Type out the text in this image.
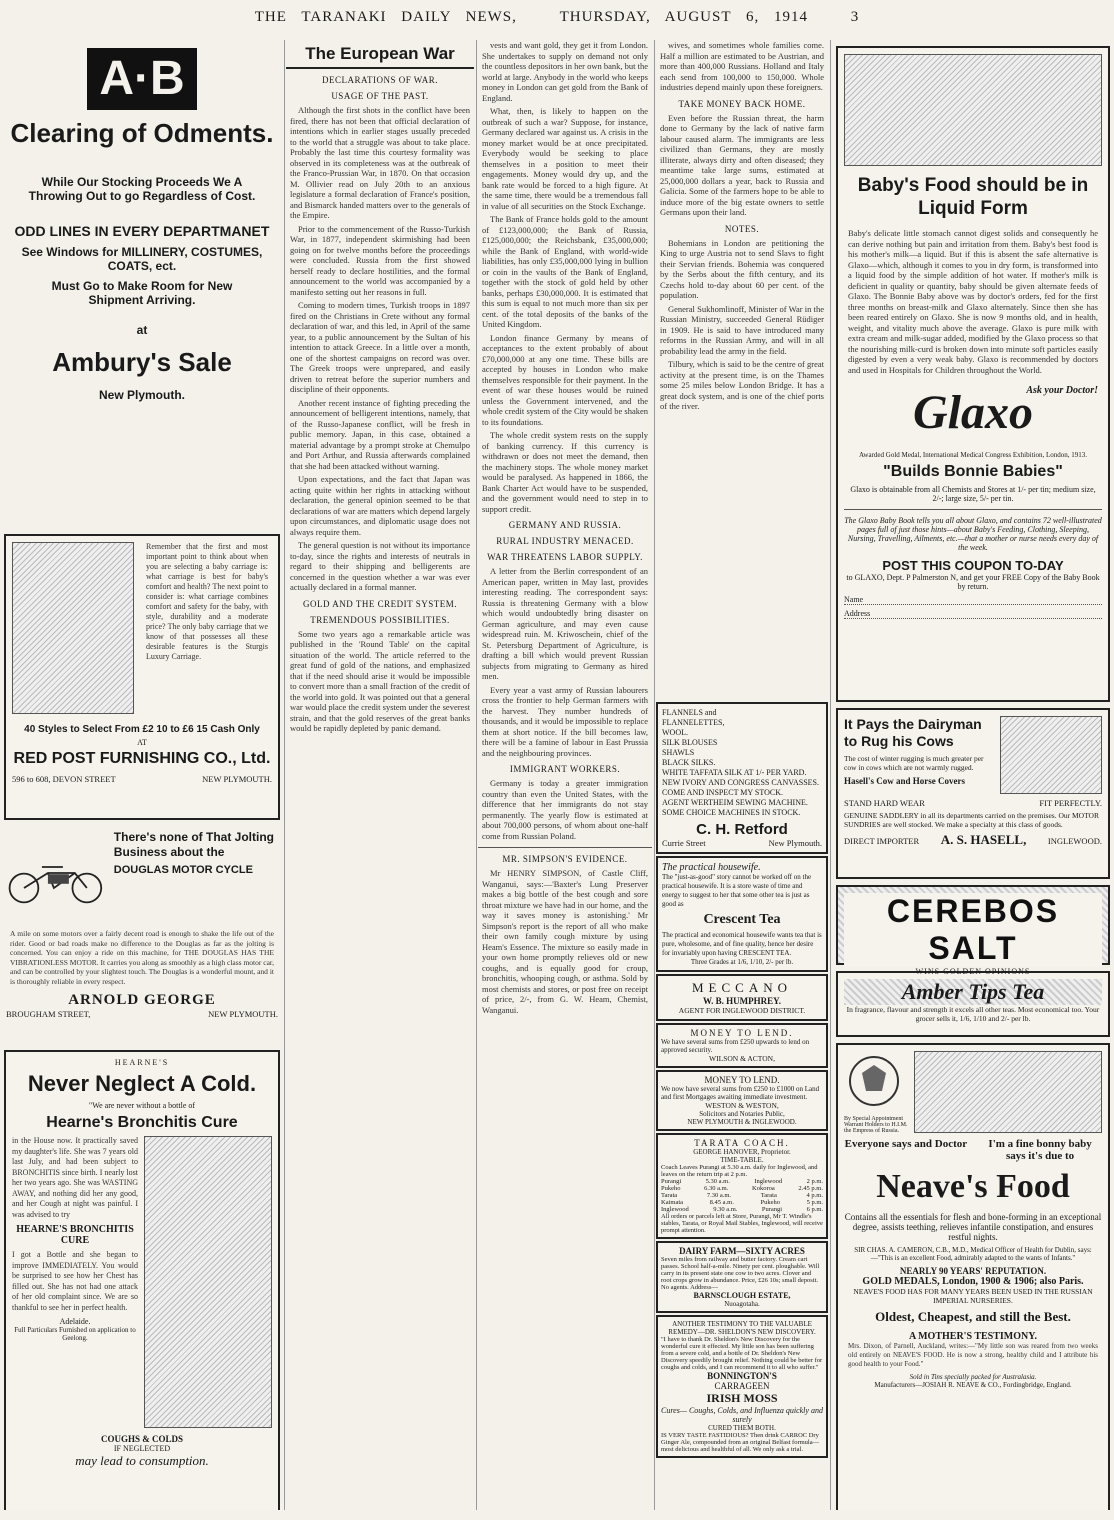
THE TARANAKI DAILY NEWS,	THURSDAY, AUGUST 6, 1914	3
A·B
Clearing of Odments.
While Our Stocking Proceeds We A
Throwing Out to go Regardless of Cost.
ODD LINES IN EVERY DEPARTMANET
See Windows for MILLINERY, COSTUMES, COATS, ect.
Must Go to Make Room for New Shipment Arriving.
at
Ambury's Sale
New Plymouth.
Remember that the first and most important point to think about when you are selecting a baby carriage is: what carriage is best for baby's comfort and health? The next point to consider is: what carriage combines comfort and safety for the baby, with style, durability and a moderate price? The only baby carriage that we know of that possesses all these desirable features is the Sturgis Luxury Carriage.
40 Styles to Select From £2 10 to £6 15 Cash Only
AT
RED POST FURNISHING CO., Ltd.
596 to 608, DEVON STREET	NEW PLYMOUTH.
There's none of That Jolting Business about the
DOUGLAS MOTOR CYCLE
A mile on some motors over a fairly decent road is enough to shake the life out of the rider. Good or bad roads make no difference to the Douglas as far as the jolting is concerned. You can enjoy a ride on this machine, for THE DOUGLAS HAS THE VIBRATIONLESS MOTOR. It carries you along as smoothly as a high class motor car, and can be controlled by your slightest touch. The Douglas is a wonderful mount, and it is thoroughly reliable in every respect.
ARNOLD GEORGE
BROUGHAM STREET,	NEW PLYMOUTH.
HEARNE'S
Never Neglect A Cold.
"We are never without a bottle of
Hearne's Bronchitis Cure
in the House now. It practically saved my daughter's life. She was 7 years old last July, and had been subject to BRONCHITIS since birth. I nearly lost her two years ago. She was WASTING AWAY, and nothing did her any good, and her Cough at night was painful. I was advised to try
HEARNE'S BRONCHITIS CURE
I got a Bottle and she began to improve IMMEDIATELY. You would be surprised to see how her Chest has filled out. She has not had one attack of her old complaint since. We are so thankful to see her in perfect health.
Adelaide.
Full Particulars Furnished on application to Geelong.
COUGHS & COLDS
IF NEGLECTED
may lead to consumption.
The European War
DECLARATIONS OF WAR.
USAGE OF THE PAST.

Although the first shots in the conflict have been fired, there has not been that official declaration of intentions which in earlier stages usually preceded to the world that a struggle was about to take place. Probably the last time this courtesy formality was observed in its completeness was at the outbreak of the Franco-Prussian War, in 1870. On that occasion M. Ollivier read on July 20th to an anxious legislature a formal declaration of France's position, and Bismarck handed matters over to the generals of the Empire.

Prior to the commencement of the Russo-Turkish War, in 1877, independent skirmishing had been going on for twelve months before the proceedings were concluded. Russia from the first showed herself ready to declare hostilities, and the formal announcement to the world was accompanied by a manifesto setting out her reasons in full.

Coming to modern times, Turkish troops in 1897 fired on the Christians in Crete without any formal declaration of war, and this led, in April of the same year, to a public announcement by the Sultan of his intention to attack Greece. In a little over a month, one of the shortest campaigns on record was over. The Greek troops were unprepared, and easily driven to retreat before the superior numbers and discipline of their opponents.

Another recent instance of fighting preceding the announcement of belligerent intentions, namely, that of the Russo-Japanese conflict, will be fresh in public memory. Japan, in this case, obtained a material advantage by a prompt stroke at Chemulpo and Port Arthur, and Russia afterwards complained that she had been attacked without warning.

Upon expectations, and the fact that Japan was acting quite within her rights in attacking without declaration, the general opinion seemed to be that declarations of war are matters which depend largely upon circumstances, and diplomatic usage does not always require them.

The general question is not without its importance to-day, since the rights and interests of neutrals in regard to their shipping and belligerents are concerned in the question whether a war was ever actually declared in a formal manner.

GOLD AND THE CREDIT SYSTEM.
TREMENDOUS POSSIBILITIES.

Some two years ago a remarkable article was published in the 'Round Table' on the capital situation of the world. The article referred to the great fund of gold of the nations, and emphasized that if the need should arise it would be impossible to convert more than a small fraction of the credit of the world into gold. It was pointed out that a general war would place the credit system under the severest strain, and that the gold reserves of the great banks would be rapidly depleted by panic demand.

vests and want gold, they get it from London. She undertakes to supply on demand not only the countless depositors in her own bank, but the world at large. Anybody in the world who keeps money in London can get gold from the Bank of England.

What, then, is likely to happen on the outbreak of such a war? Suppose, for instance, Germany declared war against us. A crisis in the money market would be at once precipitated. Everybody would be seeking to place themselves in a position to meet their engagements. Money would dry up, and the bank rate would be forced to a high figure. At the same time, there would be a tremendous fall in value of all securities on the Stock Exchange.

The Bank of France holds gold to the amount of £123,000,000; the Bank of Russia, £125,000,000; the Reichsbank, £35,000,000; while the Bank of England, with world-wide liabilities, has only £35,000,000 lying in bullion or coin in the vaults of the Bank of England, together with the stock of gold held by other banks, perhaps £30,000,000. It is estimated that this sum is equal to not much more than six per cent. of the total deposits of the banks of the United Kingdom.

London finance Germany by means of acceptances to the extent probably of about £70,000,000 at any one time. These bills are accepted by houses in London who make themselves responsible for their payment. In the event of war these houses would be ruined unless the Government intervened, and the whole credit system of the City would be shaken to its foundations.

The whole credit system rests on the supply of banking currency. If this currency is withdrawn or does not meet the demand, then the machinery stops. The whole money market would be paralysed. As happened in 1866, the Bank Charter Act would have to be suspended, and the government would need to step in to support credit.

GERMANY AND RUSSIA.
RURAL INDUSTRY MENACED.
WAR THREATENS LABOR SUPPLY.

A letter from the Berlin correspondent of an American paper, written in May last, provides interesting reading. The correspondent says: Russia is threatening Germany with a blow which would undoubtedly bring disaster on German agriculture, and may even cause widespread ruin. M. Kriwoschein, chief of the St. Petersburg Department of Agriculture, is drafting a bill which would prevent Russian subjects from migrating to Germany as hired men.

Every year a vast army of Russian labourers cross the frontier to help German farmers with the harvest. They number hundreds of thousands, and it would be impossible to replace them at short notice. If the bill becomes law, there will be a famine of labour in East Prussia and the neighbouring provinces.

IMMIGRANT WORKERS.

Germany is today a greater immigration country than even the United States, with the difference that her immigrants do not stay permanently. The yearly flow is estimated at about 700,000 persons, of whom about one-half come from Russian Poland.

MR. SIMPSON'S EVIDENCE.

Mr HENRY SIMPSON, of Castle Cliff, Wanganui, says:—'Baxter's Lung Preserver makes a big bottle of the best cough and sore throat mixture we have had in our home, and the way it saves money is astonishing.' Mr Simpson's report is the report of all who make their own family cough mixture by using Heam's Essence. The mixture so easily made in your own home promptly relieves old or new coughs, and is equally good for croup, bronchitis, whooping cough, or asthma. Sold by most chemists and stores, or post free on receipt of price, 2/-, from G. W. Heam, Chemist, Wanganui.

wives, and sometimes whole families come. Half a million are estimated to be Austrian, and more than 400,000 Russians. Holland and Italy each send from 100,000 to 150,000. Whole industries depend mainly upon these foreigners.

TAKE MONEY BACK HOME.

Even before the Russian threat, the harm done to Germany by the lack of native farm labour caused alarm. The immigrants are less civilized than Germans, they are mostly illiterate, always dirty and often diseased; they meantime take large sums, estimated at 25,000,000 dollars a year, back to Russia and Galicia. Some of the farmers hope to be able to induce more of the big estate owners to settle Germans upon their land.

NOTES.

Bohemians in London are petitioning the King to urge Austria not to send Slavs to fight their Servian friends. Bohemia was conquered by the Serbs about the fifth century, and its Czechs hold to-day about 60 per cent. of the population.

General Sukhomlinoff, Minister of War in the Russian Ministry, succeeded General Rüdiger in 1909. He is said to have introduced many reforms in the Russian Army, and will in all probability lead the army in the field.

Tilbury, which is said to be the centre of great activity at the present time, is on the Thames some 25 miles below London Bridge. It has a great dock system, and is one of the chief ports of the river.

Baby's Food should be in Liquid Form
Baby's delicate little stomach cannot digest solids and consequently he can derive nothing but pain and irritation from them. Baby's best food is his mother's milk—a liquid. But if this is absent the safe alternative is Glaxo—which, although it comes to you in dry form, is transformed into a liquid food by the simple addition of hot water. If mother's milk is deficient in quality or quantity, baby should be given alternate feeds of Glaxo. The Bonnie Baby above was by doctor's orders, fed for the first three months on breast-milk and Glaxo alternately. Since then she has been reared entirely on Glaxo. She is now 9 months old, and in health, weight, and vitality much above the average. Glaxo is pure milk with extra cream and milk-sugar added, modified by the Glaxo process so that the nourishing milk-curd is broken down into minute soft particles easily digested by even a very weak baby. Glaxo is recommended by doctors and used in Hospitals for Children throughout the World.
Glaxo
Ask your Doctor!
Awarded Gold Medal, International Medical Congress Exhibition, London, 1913.
"Builds Bonnie Babies"
Glaxo is obtainable from all Chemists and Stores at 1/- per tin; medium size, 2/-; large size, 5/- per tin.
The Glaxo Baby Book tells you all about Glaxo, and contains 72 well-illustrated pages full of just those hints—about Baby's Feeding, Clothing, Sleeping, Nursing, Travelling, Ailments, etc.—that a mother or nurse needs every day of the week.
POST THIS COUPON TO-DAY
to GLAXO, Dept. P Palmerston N, and get your FREE Copy of the Baby Book by return.
Name
Address
It Pays the Dairyman to Rug his Cows
The cost of winter rugging is much greater per cow in cows which are not warmly rugged.
Hasell's Cow and Horse Covers
STAND HARD WEAR	FIT PERFECTLY.
GENUINE SADDLERY in all its departments carried on the premises. Our MOTOR SUNDRIES are well stocked. We make a specialty at this class of goods.
DIRECT IMPORTER A. S. HASELL,	INGLEWOOD.
CEREBOS SALT
WINS GOLDEN OPINIONS
Amber Tips Tea
In fragrance, flavour and strength it excels all other teas. Most economical too. Your grocer sells it, 1/6, 1/10 and 2/- per lb.
By Special Appointment Warrant Holders to H.I.M. the Empress of Russia.
Everyone says and Doctor	I'm a fine bonny baby says it's due to
Neave's Food
Contains all the essentials for flesh and bone-forming in an exceptional degree, assists teething, relieves infantile constipation, and ensures restful nights.
SIR CHAS. A. CAMERON, C.B., M.D., Medical Officer of Health for Dublin, says:—"This is an excellent Food, admirably adapted to the wants of Infants."
NEARLY 90 YEARS' REPUTATION.
GOLD MEDALS, London, 1900 & 1906; also Paris.
NEAVE'S FOOD HAS FOR MANY YEARS BEEN USED IN THE RUSSIAN IMPERIAL NURSERIES.
Oldest, Cheapest, and still the Best.
A MOTHER'S TESTIMONY.
Mrs. Dixon, of Parnell, Auckland, writes:—"My little son was reared from two weeks old entirely on NEAVE'S FOOD. He is now a strong, healthy child and I attribute his good health to your Food."
Sold in Tins specially packed for Australasia.
Manufacturers—JOSIAH R. NEAVE & CO., Fordingbridge, England.
FLANNELS and
FLANNELETTES,
WOOL.
SILK BLOUSES
SHAWLS
BLACK SILKS.
WHITE TAFFATA SILK AT 1/- PER YARD.
NEW IVORY AND CONGRESS CANVASSES. COME AND INSPECT MY STOCK.
AGENT WERTHEIM SEWING MACHINE. SOME CHOICE MACHINES IN STOCK.
C. H. Retford
Currie Street	New Plymouth.
The practical housewife.
The "just-as-good" story cannot be worked off on the practical housewife. It is a store waste of time and energy to suggest to her that some other tea is just as good as
Crescent Tea
The practical and economical housewife wants tea that is pure, wholesome, and of fine quality, hence her desire for invariably upon having CRESCENT TEA.
Three Grades at 1/6, 1/10, 2/- per lb.
MECCANO
W. B. HUMPHREY.
AGENT FOR INGLEWOOD DISTRICT.
MONEY TO LEND.
We have several sums from £250 upwards to lend on approved security.
WILSON & ACTON,
MONEY TO LEND.
We now have several sums from £250 to £1000 on Land and first Mortgages awaiting immediate investment.
WESTON & WESTON,
Solicitors and Notaries Public,
NEW PLYMOUTH & INGLEWOOD.
TARATA COACH.
GEORGE HANOVER, Proprietor.
TIME-TABLE.
Coach Leaves Purangi at 5.30 a.m. daily for Inglewood, and leaves on the return trip at 2 p.m.
Purangi	5.30 a.m.	Inglewood	2 p.m.
Pukeho	6.30 a.m.	Kokoroa	2.45 p.m.
Tarata	7.30 a.m.	Tarata	4 p.m.
Kaimata	8.45 a.m.	Pukeho	5 p.m.
Inglewood	9.30 a.m.	Purangi	6 p.m.
All orders or parcels left at Store, Purangi, Mr T. Windle's stables, Tarata, or Royal Mail Stables, Inglewood, will receive prompt attention.
DAIRY FARM—SIXTY ACRES
Seven miles from railway and butter factory. Cream cart passes. School half-a-mile. Ninety per cent. ploughable. Will carry in its present state one cow to two acres. Clover and root crops grow in abundance. Price, £26 10s; small deposit.
No agents. Address—
BARNSCLOUGH ESTATE,
Nuoagotaha.
ANOTHER TESTIMONY TO THE VALUABLE REMEDY—DR. SHELDON'S NEW DISCOVERY.
"I have to thank Dr. Sheldon's New Discovery for the wonderful cure it effected. My little son has been suffering from a severe cold, and a bottle of Dr. Sheldon's New Discovery speedily brought relief. Nothing could be better for coughs and colds, and I can recommend it to all who suffer."
BONNINGTON'S
CARRAGEEN
IRISH MOSS
Cures— Coughs, Colds, and Influenza quickly and surely
CURED THEM BOTH.
IS VERY TASTE FASTIDIOUS? Then drink CARROC Dry Ginger Ale, compounded from an original Belfast formula—most delicious and healthful of all. We only ask a trial.
